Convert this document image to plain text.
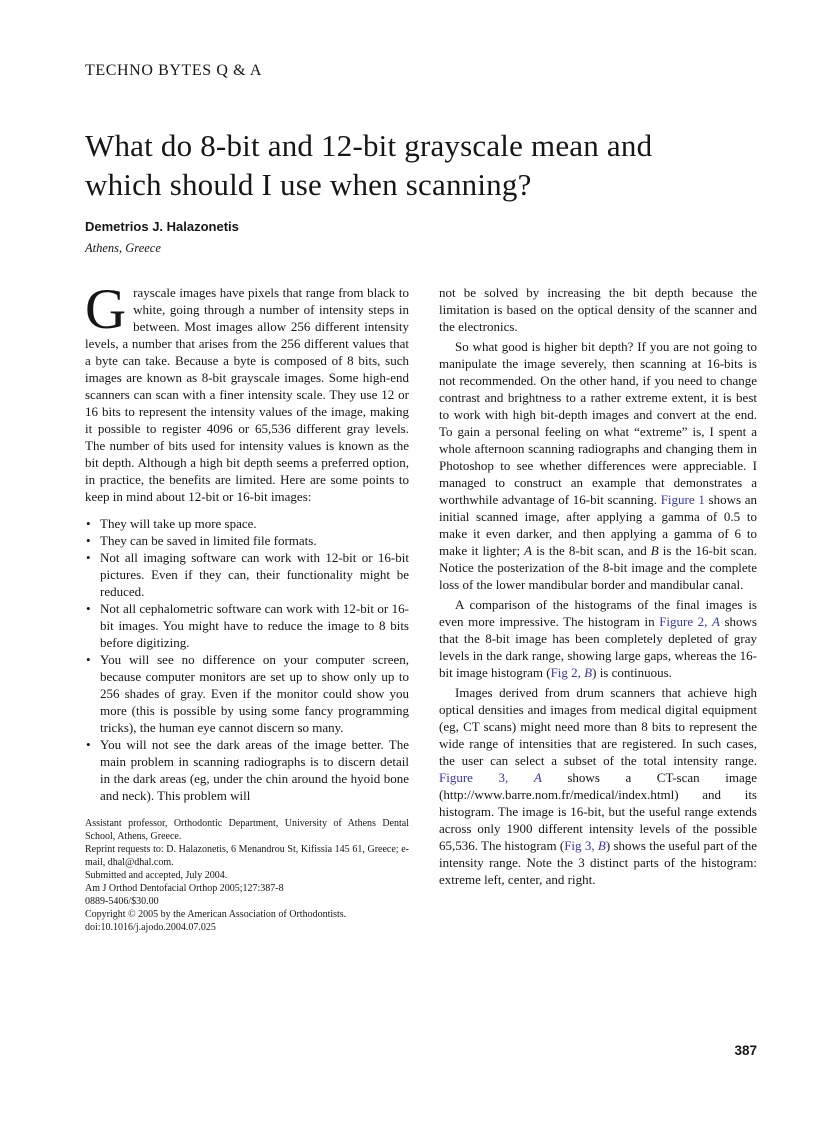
TECHNO BYTES Q & A
What do 8-bit and 12-bit grayscale mean and
which should I use when scanning?
Demetrios J. Halazonetis
Athens, Greece

Grayscale images have pixels that range from black to white, going through a number of intensity steps in between. Most images allow 256 different intensity levels, a number that arises from the 256 different values that a byte can take. Because a byte is composed of 8 bits, such images are known as 8-bit grayscale images. Some high-end scanners can scan with a finer intensity scale. They use 12 or 16 bits to represent the intensity values of the image, making it possible to register 4096 or 65,536 different gray levels. The number of bits used for intensity values is known as the bit depth. Although a high bit depth seems a preferred option, in practice, the benefits are limited. Here are some points to keep in mind about 12-bit or 16-bit images:

• They will take up more space.
• They can be saved in limited file formats.
• Not all imaging software can work with 12-bit or 16-bit pictures. Even if they can, their functionality might be reduced.
• Not all cephalometric software can work with 12-bit or 16-bit images. You might have to reduce the image to 8 bits before digitizing.
• You will see no difference on your computer screen, because computer monitors are set up to show only up to 256 shades of gray. Even if the monitor could show you more (this is possible by using some fancy programming tricks), the human eye cannot discern so many.
• You will not see the dark areas of the image better. The main problem in scanning radiographs is to discern detail in the dark areas (eg, under the chin around the hyoid bone and neck). This problem will

Assistant professor, Orthodontic Department, University of Athens Dental School, Athens, Greece.

Reprint requests to: D. Halazonetis, 6 Menandrou St, Kifissia 145 61, Greece; e-mail, dhal@dhal.com.

Submitted and accepted, July 2004.

Am J Orthod Dentofacial Orthop 2005;127:387-8

0889-5406/$30.00

Copyright © 2005 by the American Association of Orthodontists.

doi:10.1016/j.ajodo.2004.07.025

not be solved by increasing the bit depth because the limitation is based on the optical density of the scanner and the electronics.

So what good is higher bit depth? If you are not going to manipulate the image severely, then scanning at 16-bits is not recommended. On the other hand, if you need to change contrast and brightness to a rather extreme extent, it is best to work with high bit-depth images and convert at the end. To gain a personal feeling on what “extreme” is, I spent a whole afternoon scanning radiographs and changing them in Photoshop to see whether differences were appreciable. I managed to construct an example that demonstrates a worthwhile advantage of 16-bit scanning. Figure 1 shows an initial scanned image, after applying a gamma of 0.5 to make it even darker, and then applying a gamma of 6 to make it lighter; A is the 8-bit scan, and B is the 16-bit scan. Notice the posterization of the 8-bit image and the complete loss of the lower mandibular border and mandibular canal.

A comparison of the histograms of the final images is even more impressive. The histogram in Figure 2, A shows that the 8-bit image has been completely depleted of gray levels in the dark range, showing large gaps, whereas the 16-bit image histogram (Fig 2, B) is continuous.

Images derived from drum scanners that achieve high optical densities and images from medical digital equipment (eg, CT scans) might need more than 8 bits to represent the wide range of intensities that are registered. In such cases, the user can select a subset of the total intensity range. Figure 3, A shows a CT-scan image (http://www.barre.nom.fr/medical/index.html) and its histogram. The image is 16-bit, but the useful range extends across only 1900 different intensity levels of the possible 65,536. The histogram (Fig 3, B) shows the useful part of the intensity range. Note the 3 distinct parts of the histogram: extreme left, center, and right.

387
